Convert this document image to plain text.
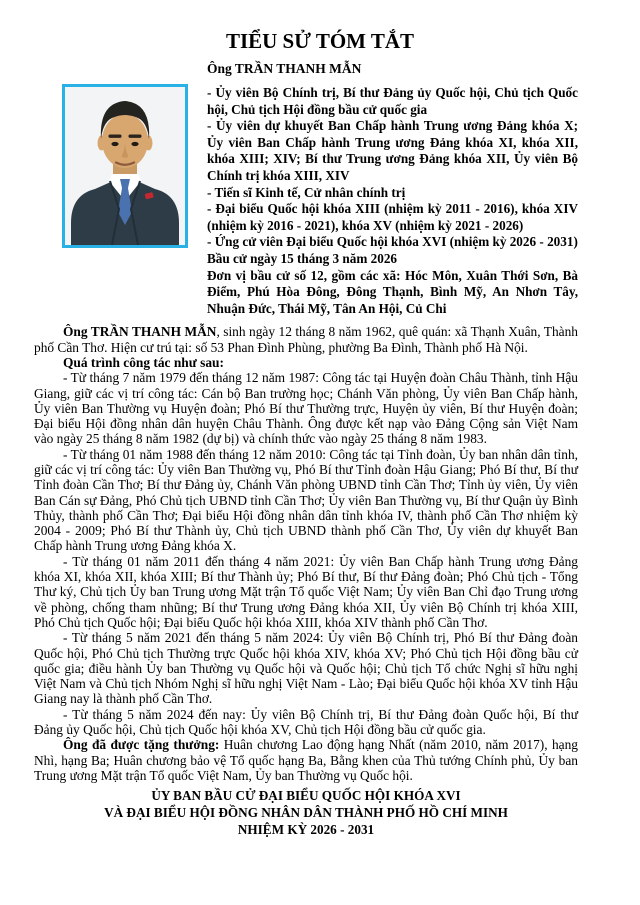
TIỂU SỬ TÓM TẮT
Ông TRẦN THANH MẪN
- Ủy viên Bộ Chính trị, Bí thư Đảng ủy Quốc hội, Chủ tịch Quốc hội, Chủ tịch Hội đồng bầu cử quốc gia
- Ủy viên dự khuyết Ban Chấp hành Trung ương Đảng khóa X; Ủy viên Ban Chấp hành Trung ương Đảng khóa XI, khóa XII, khóa XIII; XIV; Bí thư Trung ương Đảng khóa XII, Ủy viên Bộ Chính trị khóa XIII, XIV
- Tiến sĩ Kinh tế, Cử nhân chính trị
- Đại biểu Quốc hội khóa XIII (nhiệm kỳ 2011 - 2016), khóa XIV (nhiệm kỳ 2016 - 2021), khóa XV (nhiệm kỳ 2021 - 2026)
- Ứng cử viên Đại biểu Quốc hội khóa XVI (nhiệm kỳ 2026 - 2031)
Bầu cử ngày 15 tháng 3 năm 2026
Đơn vị bầu cử số 12, gồm các xã: Hóc Môn, Xuân Thới Sơn, Bà Điểm, Phú Hòa Đông, Đông Thạnh, Bình Mỹ, An Nhơn Tây, Nhuận Đức, Thái Mỹ, Tân An Hội, Củ Chi

Ông TRẦN THANH MẪN, sinh ngày 12 tháng 8 năm 1962, quê quán: xã Thạnh Xuân, Thành phố Cần Thơ. Hiện cư trú tại: số 53 Phan Đình Phùng, phường Ba Đình, Thành phố Hà Nội.

Quá trình công tác như sau:

- Từ tháng 7 năm 1979 đến tháng 12 năm 1987: Công tác tại Huyện đoàn Châu Thành, tỉnh Hậu Giang, giữ các vị trí công tác: Cán bộ Ban trường học; Chánh Văn phòng, Ủy viên Ban Chấp hành, Ủy viên Ban Thường vụ Huyện đoàn; Phó Bí thư Thường trực, Huyện ủy viên, Bí thư Huyện đoàn; Đại biểu Hội đồng nhân dân huyện Châu Thành. Ông được kết nạp vào Đảng Cộng sản Việt Nam vào ngày 25 tháng 8 năm 1982 (dự bị) và chính thức vào ngày 25 tháng 8 năm 1983.

- Từ tháng 01 năm 1988 đến tháng 12 năm 2010: Công tác tại Tỉnh đoàn, Ủy ban nhân dân tỉnh, giữ các vị trí công tác: Ủy viên Ban Thường vụ, Phó Bí thư Tỉnh đoàn Hậu Giang; Phó Bí thư, Bí thư Tỉnh đoàn Cần Thơ; Bí thư Đảng ủy, Chánh Văn phòng UBND tỉnh Cần Thơ; Tỉnh ủy viên, Ủy viên Ban Cán sự Đảng, Phó Chủ tịch UBND tỉnh Cần Thơ; Ủy viên Ban Thường vụ, Bí thư Quận ủy Bình Thủy, thành phố Cần Thơ; Đại biểu Hội đồng nhân dân tỉnh khóa IV, thành phố Cần Thơ nhiệm kỳ 2004 - 2009; Phó Bí thư Thành ủy, Chủ tịch UBND thành phố Cần Thơ, Ủy viên dự khuyết Ban Chấp hành Trung ương Đảng khóa X.

- Từ tháng 01 năm 2011 đến tháng 4 năm 2021: Ủy viên Ban Chấp hành Trung ương Đảng khóa XI, khóa XII, khóa XIII; Bí thư Thành ủy; Phó Bí thư, Bí thư Đảng đoàn; Phó Chủ tịch - Tổng Thư ký, Chủ tịch Ủy ban Trung ương Mặt trận Tổ quốc Việt Nam; Ủy viên Ban Chỉ đạo Trung ương về phòng, chống tham nhũng; Bí thư Trung ương Đảng khóa XII, Ủy viên Bộ Chính trị khóa XIII, Phó Chủ tịch Quốc hội; Đại biểu Quốc hội khóa XIII, khóa XIV thành phố Cần Thơ.

- Từ tháng 5 năm 2021 đến tháng 5 năm 2024: Ủy viên Bộ Chính trị, Phó Bí thư Đảng đoàn Quốc hội, Phó Chủ tịch Thường trực Quốc hội khóa XIV, khóa XV; Phó Chủ tịch Hội đồng bầu cử quốc gia; điều hành Ủy ban Thường vụ Quốc hội và Quốc hội; Chủ tịch Tổ chức Nghị sĩ hữu nghị Việt Nam và Chủ tịch Nhóm Nghị sĩ hữu nghị Việt Nam - Lào; Đại biểu Quốc hội khóa XV tỉnh Hậu Giang nay là thành phố Cần Thơ.

- Từ tháng 5 năm 2024 đến nay: Ủy viên Bộ Chính trị, Bí thư Đảng đoàn Quốc hội, Bí thư Đảng ủy Quốc hội, Chủ tịch Quốc hội khóa XV, Chủ tịch Hội đồng bầu cử quốc gia.

Ông đã được tặng thưởng: Huân chương Lao động hạng Nhất (năm 2010, năm 2017), hạng Nhì, hạng Ba; Huân chương bảo vệ Tổ quốc hạng Ba, Bằng khen của Thủ tướng Chính phủ, Ủy ban Trung ương Mặt trận Tổ quốc Việt Nam, Ủy ban Thường vụ Quốc hội.

ỦY BAN BẦU CỬ ĐẠI BIỂU QUỐC HỘI KHÓA XVI
VÀ ĐẠI BIỂU HỘI ĐỒNG NHÂN DÂN THÀNH PHỐ HỒ CHÍ MINH
NHIỆM KỲ 2026 - 2031
